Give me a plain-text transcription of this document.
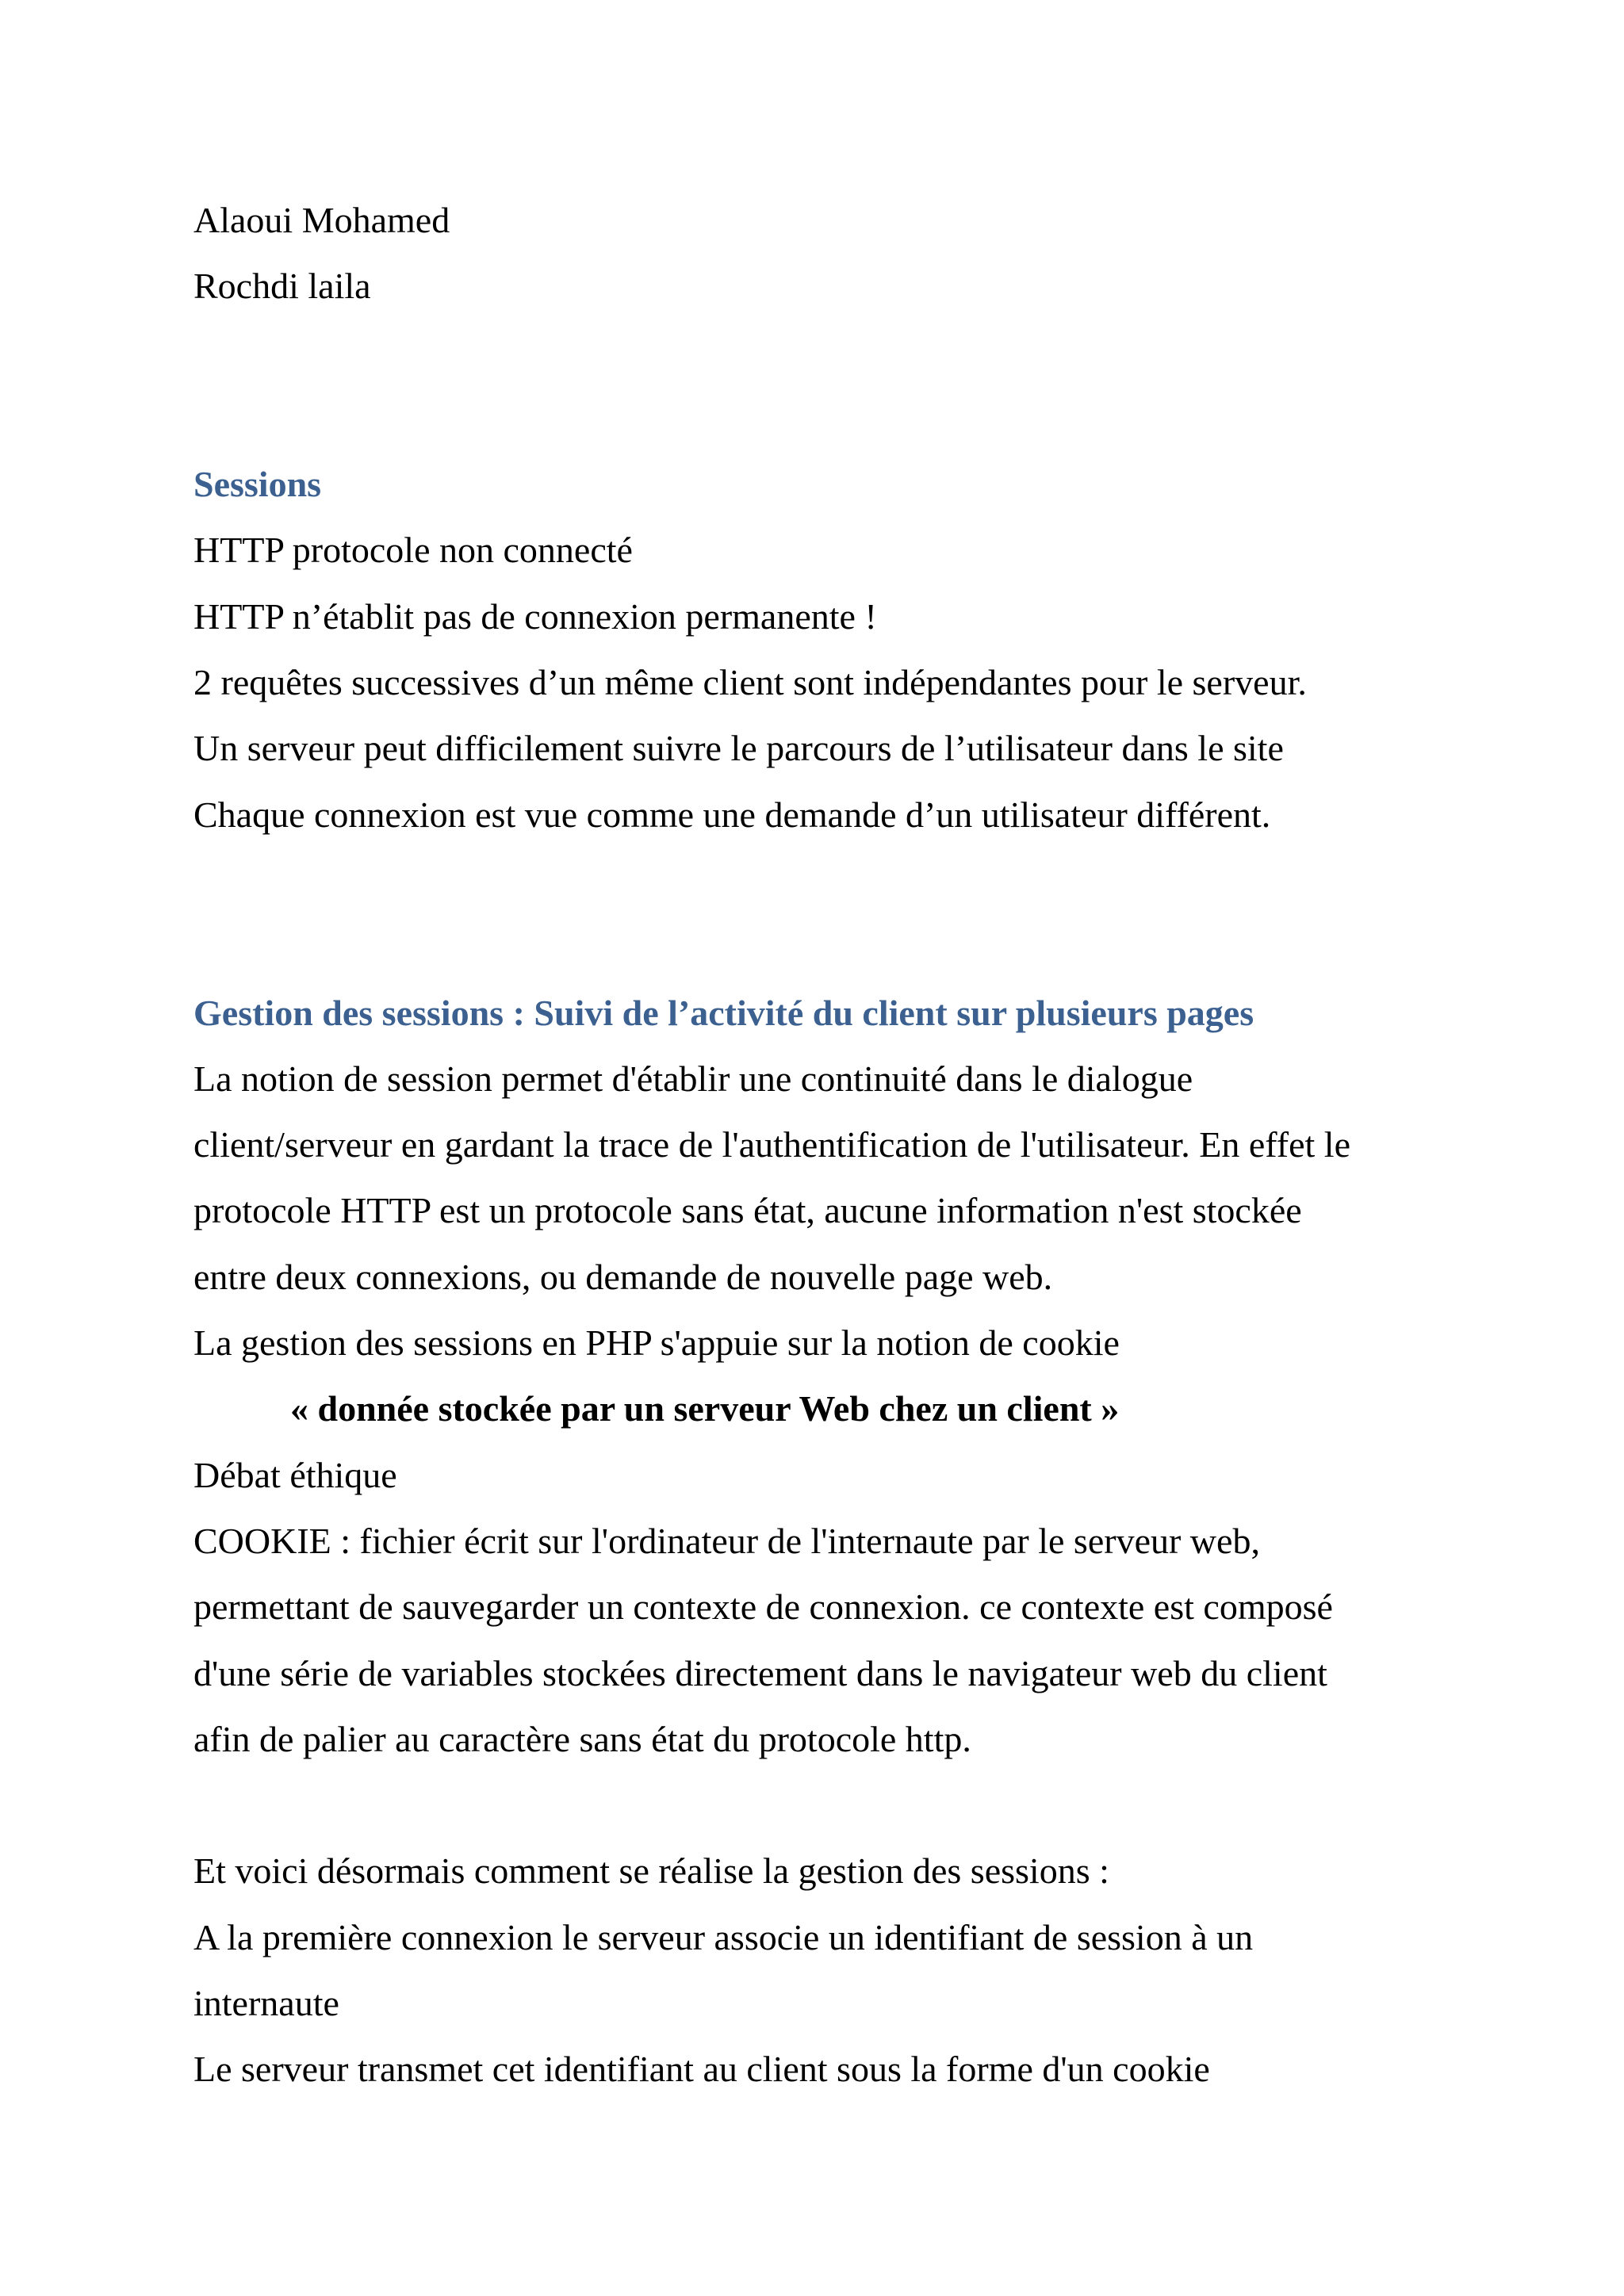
Alaoui Mohamed

Rochdi laila

Sessions

HTTP protocole non connecté

HTTP n’établit pas de connexion permanente !

2 requêtes successives d’un même client sont indépendantes pour le serveur.

Un serveur peut difficilement suivre le parcours de l’utilisateur dans le site

Chaque connexion est vue comme une demande d’un utilisateur différent.

Gestion des sessions : Suivi de l’activité du client sur plusieurs pages

La notion de session permet d'établir une continuité dans le dialogue

client/serveur en gardant la trace de l'authentification de l'utilisateur. En effet le

protocole HTTP est un protocole sans état, aucune information n'est stockée

entre deux connexions, ou demande de nouvelle page web.

La gestion des sessions en PHP s'appuie sur la notion de cookie

« donnée stockée par un serveur Web chez un client »

Débat éthique

COOKIE : fichier écrit sur l'ordinateur de l'internaute par le serveur web,

permettant de sauvegarder un contexte de connexion. ce contexte est composé

d'une série de variables stockées directement dans le navigateur web du client

afin de palier au caractère sans état du protocole http.

Et voici désormais comment se réalise la gestion des sessions :

A la première connexion le serveur associe un identifiant de session à un

internaute

Le serveur transmet cet identifiant au client sous la forme d'un cookie
